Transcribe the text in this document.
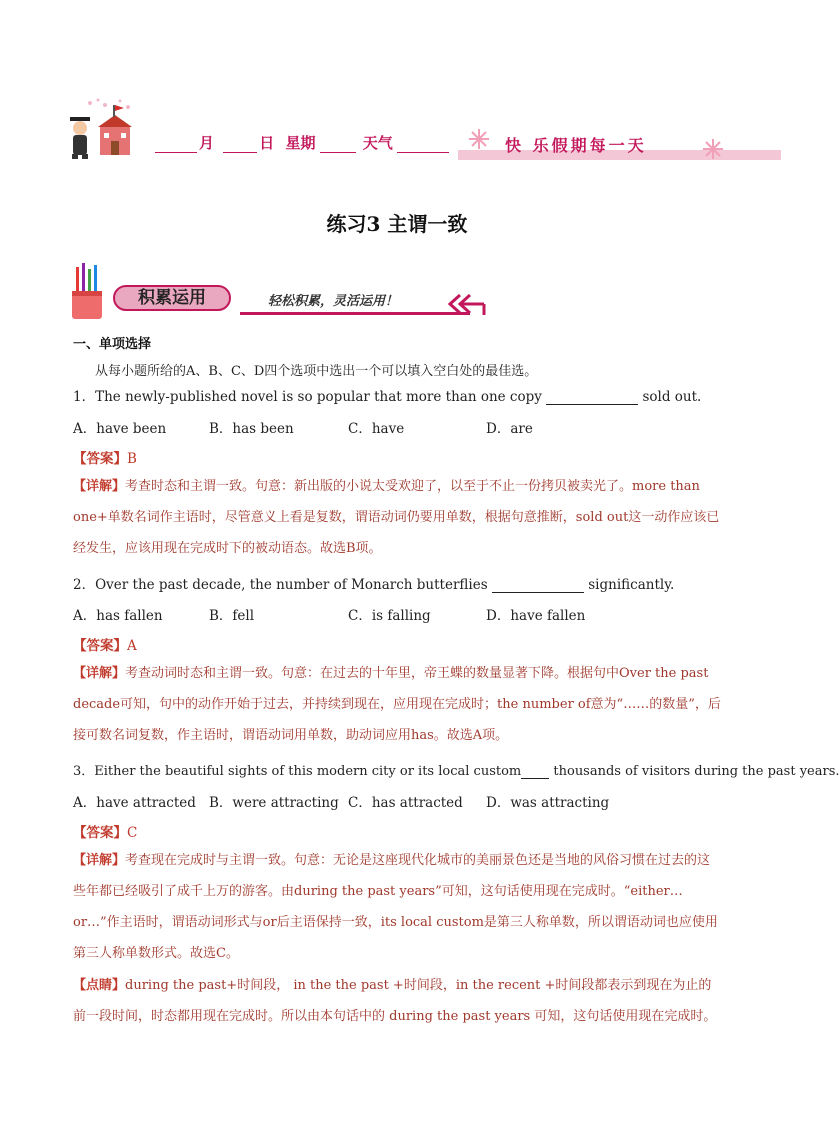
月	日 星期	天气	快 乐假期每一天
练习3 主谓一致
积累运用	轻松积累，灵活运用！
一、单项选择
从每小题所给的A、B、C、D四个选项中选出一个可以填入空白处的最佳选。
1．The newly-published novel is so popular that more than one copy	sold out.
A．have been	B．has been	C．have	D．are
【答案】B
【详解】考查时态和主谓一致。句意：新出版的小说太受欢迎了，以至于不止一份拷贝被卖光了。more than one+单数名词作主语时，尽管意义上看是复数，谓语动词仍要用单数，根据句意推断，sold out这一动作应该已经发生，应该用现在完成时下的被动语态。故选B项。
2．Over the past decade, the number of Monarch butterflies	significantly.
A．has fallen	B．fell	C．is falling	D．have fallen
【答案】A
【详解】考查动词时态和主谓一致。句意：在过去的十年里，帝王蝶的数量显著下降。根据句中Over the past decade可知，句中的动作开始于过去，并持续到现在，应用现在完成时；the number of意为“……的数量”，后接可数名词复数，作主语时，谓语动词用单数，助动词应用has。故选A项。
3．Either the beautiful sights of this modern city or its local custom thousands of visitors during the past years.
A．have attracted B．were attracting C．has attracted D．was attracting
【答案】C
【详解】考查现在完成时与主谓一致。句意：无论是这座现代化城市的美丽景色还是当地的风俗习惯在过去的这些年都已经吸引了成千上万的游客。由during the past years”可知，这句话使用现在完成时。“either…or…”作主语时，谓语动词形式与or后主语保持一致，its local custom是第三人称单数，所以谓语动词也应使用第三人称单数形式。故选C。
【点睛】during the past+时间段， in the the past +时间段，in the recent +时间段都表示到现在为止的前一段时间，时态都用现在完成时。所以由本句话中的 during the past years 可知，这句话使用现在完成时。
